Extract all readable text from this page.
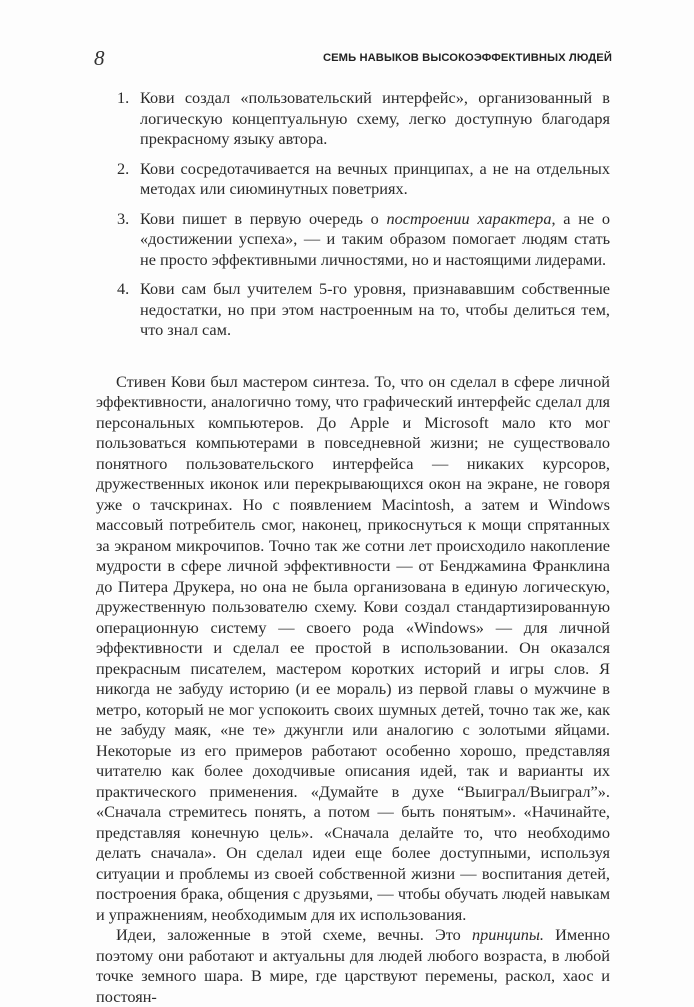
8	СЕМЬ НАВЫКОВ ВЫСОКОЭФФЕКТИВНЫХ ЛЮДЕЙ
1. Кови создал «пользовательский интерфейс», организованный в логическую концептуальную схему, легко доступную благодаря прекрасному языку автора.
2. Кови сосредотачивается на вечных принципах, а не на отдельных методах или сиюминутных поветриях.
3. Кови пишет в первую очередь о построении характера, а не о «достижении успеха», — и таким образом помогает людям стать не просто эффективными личностями, но и настоящими лидерами.
4. Кови сам был учителем 5-го уровня, признававшим собственные недостатки, но при этом настроенным на то, чтобы делиться тем, что знал сам.

Стивен Кови был мастером синтеза. То, что он сделал в сфере личной эффективности, аналогично тому, что графический интерфейс сделал для персональных компьютеров. До Apple и Microsoft мало кто мог пользоваться компьютерами в повседневной жизни; не существовало понятного пользовательского интерфейса — никаких курсоров, дружественных иконок или перекрывающихся окон на экране, не говоря уже о тачскринах. Но с появлением Macintosh, а затем и Windows массовый потребитель смог, наконец, прикоснуться к мощи спрятанных за экраном микрочипов. Точно так же сотни лет происходило накопление мудрости в сфере личной эффективности — от Бенджамина Франклина до Питера Друкера, но она не была организована в единую логическую, дружественную пользователю схему. Кови создал стандартизированную операционную систему — своего рода «Windows» — для личной эффективности и сделал ее простой в использовании. Он оказался прекрасным писателем, мастером коротких историй и игры слов. Я никогда не забуду историю (и ее мораль) из первой главы о мужчине в метро, который не мог успокоить своих шумных детей, точно так же, как не забуду маяк, «не те» джунгли или аналогию с золотыми яйцами. Некоторые из его примеров работают особенно хорошо, представляя читателю как более доходчивые описания идей, так и варианты их практического применения. «Думайте в духе “Выиграл/Выиграл”». «Сначала стремитесь понять, а потом — быть понятым». «Начинайте, представляя конечную цель». «Сначала делайте то, что необходимо делать сначала». Он сделал идеи еще более доступными, используя ситуации и проблемы из своей собственной жизни — воспитания детей, построения брака, общения с друзьями, — чтобы обучать людей навыкам и упражнениям, необходимым для их использования.

Идеи, заложенные в этой схеме, вечны. Это принципы. Именно поэтому они работают и актуальны для людей любого возраста, в любой точке земного шара. В мире, где царствуют перемены, раскол, хаос и постоян-
